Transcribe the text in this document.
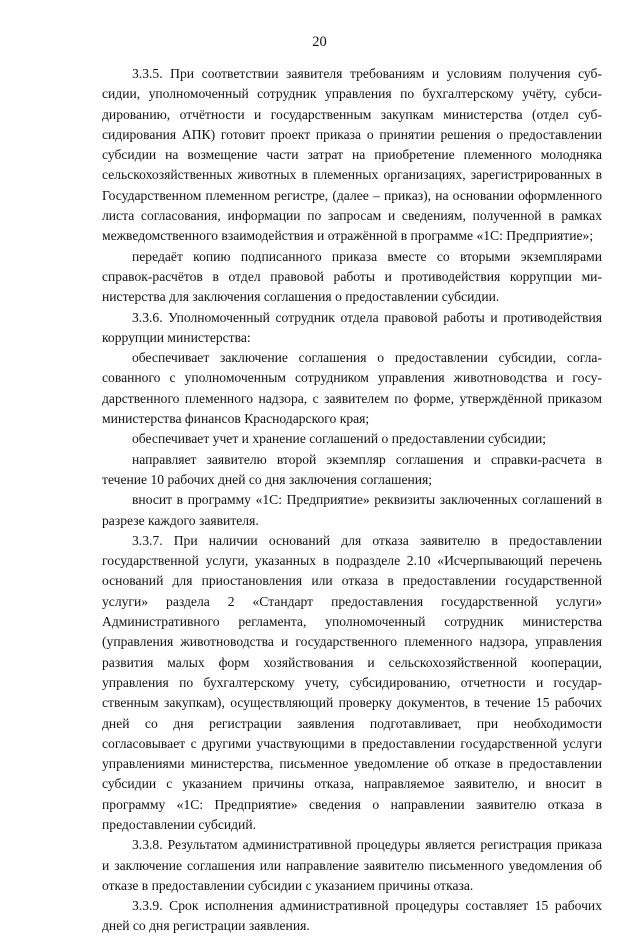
20

3.3.5. При соответствии заявителя требованиям и условиям получения субсидии, уполномоченный сотрудник управления по бухгалтерскому учёту, субсидированию, отчётности и государственным закупкам министерства (отдел субсидирования АПК) готовит проект приказа о принятии решения о предоставлении субсидии на возмещение части затрат на приобретение племенного молодняка сельскохозяйственных животных в племенных организациях, зарегистрированных в Государственном племенном регистре, (далее – приказ), на основании оформленного листа согласования, информации по запросам и сведениям, полученной в рамках межведомственного взаимодействия и отражённой в программе «1С: Предприятие»;

передаёт копию подписанного приказа вместе со вторыми экземплярами справок-расчётов в отдел правовой работы и противодействия коррупции министерства для заключения соглашения о предоставлении субсидии.

3.3.6. Уполномоченный сотрудник отдела правовой работы и противодействия коррупции министерства:

обеспечивает заключение соглашения о предоставлении субсидии, согласованного с уполномоченным сотрудником управления животноводства и государственного племенного надзора, с заявителем по форме, утверждённой приказом министерства финансов Краснодарского края;

обеспечивает учет и хранение соглашений о предоставлении субсидии;

направляет заявителю второй экземпляр соглашения и справки-расчета в течение 10 рабочих дней со дня заключения соглашения;

вносит в программу «1С: Предприятие» реквизиты заключенных соглашений в разрезе каждого заявителя.

3.3.7. При наличии оснований для отказа заявителю в предоставлении государственной услуги, указанных в подразделе 2.10 «Исчерпывающий перечень оснований для приостановления или отказа в предоставлении государственной услуги» раздела 2 «Стандарт предоставления государственной услуги» Административного регламента, уполномоченный сотрудник министерства (управления животноводства и государственного племенного надзора, управления развития малых форм хозяйствования и сельскохозяйственной кооперации, управления по бухгалтерскому учету, субсидированию, отчетности и государственным закупкам), осуществляющий проверку документов, в течение 15 рабочих дней со дня регистрации заявления подготавливает, при необходимости согласовывает с другими участвующими в предоставлении государственной услуги управлениями министерства, письменное уведомление об отказе в предоставлении субсидии с указанием причины отказа, направляемое заявителю, и вносит в программу «1С: Предприятие» сведения о направлении заявителю отказа в предоставлении субсидий.

3.3.8. Результатом административной процедуры является регистрация приказа и заключение соглашения или направление заявителю письменного уведомления об отказе в предоставлении субсидии с указанием причины отказа.

3.3.9. Срок исполнения административной процедуры составляет 15 рабочих дней со дня регистрации заявления.
